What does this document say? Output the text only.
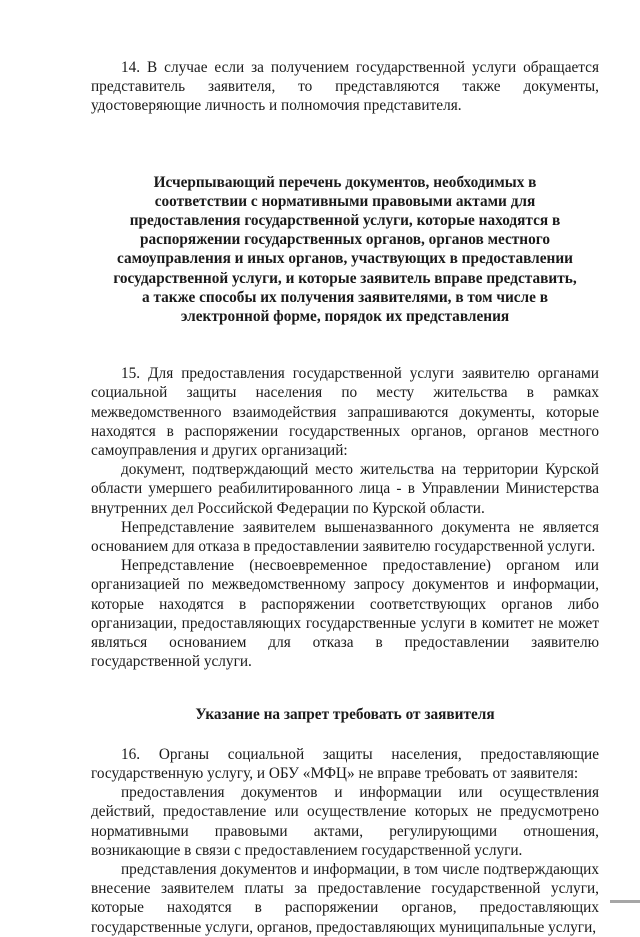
14. В случае если за получением государственной услуги обращается представитель заявителя, то представляются также документы, удостоверяющие личность и полномочия представителя.

Исчерпывающий перечень документов, необходимых в соответствии с нормативными правовыми актами для предоставления государственной услуги, которые находятся в распоряжении государственных органов, органов местного самоуправления и иных органов, участвующих в предоставлении государственной услуги, и которые заявитель вправе представить, а также способы их получения заявителями, в том числе в электронной форме, порядок их представления

15. Для предоставления государственной услуги заявителю органами социальной защиты населения по месту жительства в рамках межведомственного взаимодействия запрашиваются документы, которые находятся в распоряжении государственных органов, органов местного самоуправления и других организаций:

документ, подтверждающий место жительства на территории Курской области умершего реабилитированного лица - в Управлении Министерства внутренних дел Российской Федерации по Курской области.

Непредставление заявителем вышеназванного документа не является основанием для отказа в предоставлении заявителю государственной услуги.

Непредставление (несвоевременное предоставление) органом или организацией по межведомственному запросу документов и информации, которые находятся в распоряжении соответствующих органов либо организации, предоставляющих государственные услуги в комитет не может являться основанием для отказа в предоставлении заявителю государственной услуги.

Указание на запрет требовать от заявителя

16. Органы социальной защиты населения, предоставляющие государственную услугу, и ОБУ «МФЦ» не вправе требовать от заявителя:

предоставления документов и информации или осуществления действий, предоставление или осуществление которых не предусмотрено нормативными правовыми актами, регулирующими отношения, возникающие в связи с предоставлением государственной услуги.

представления документов и информации, в том числе подтверждающих внесение заявителем платы за предоставление государственной услуги, которые находятся в распоряжении органов, предоставляющих государственные услуги, органов, предоставляющих муниципальные услуги,
